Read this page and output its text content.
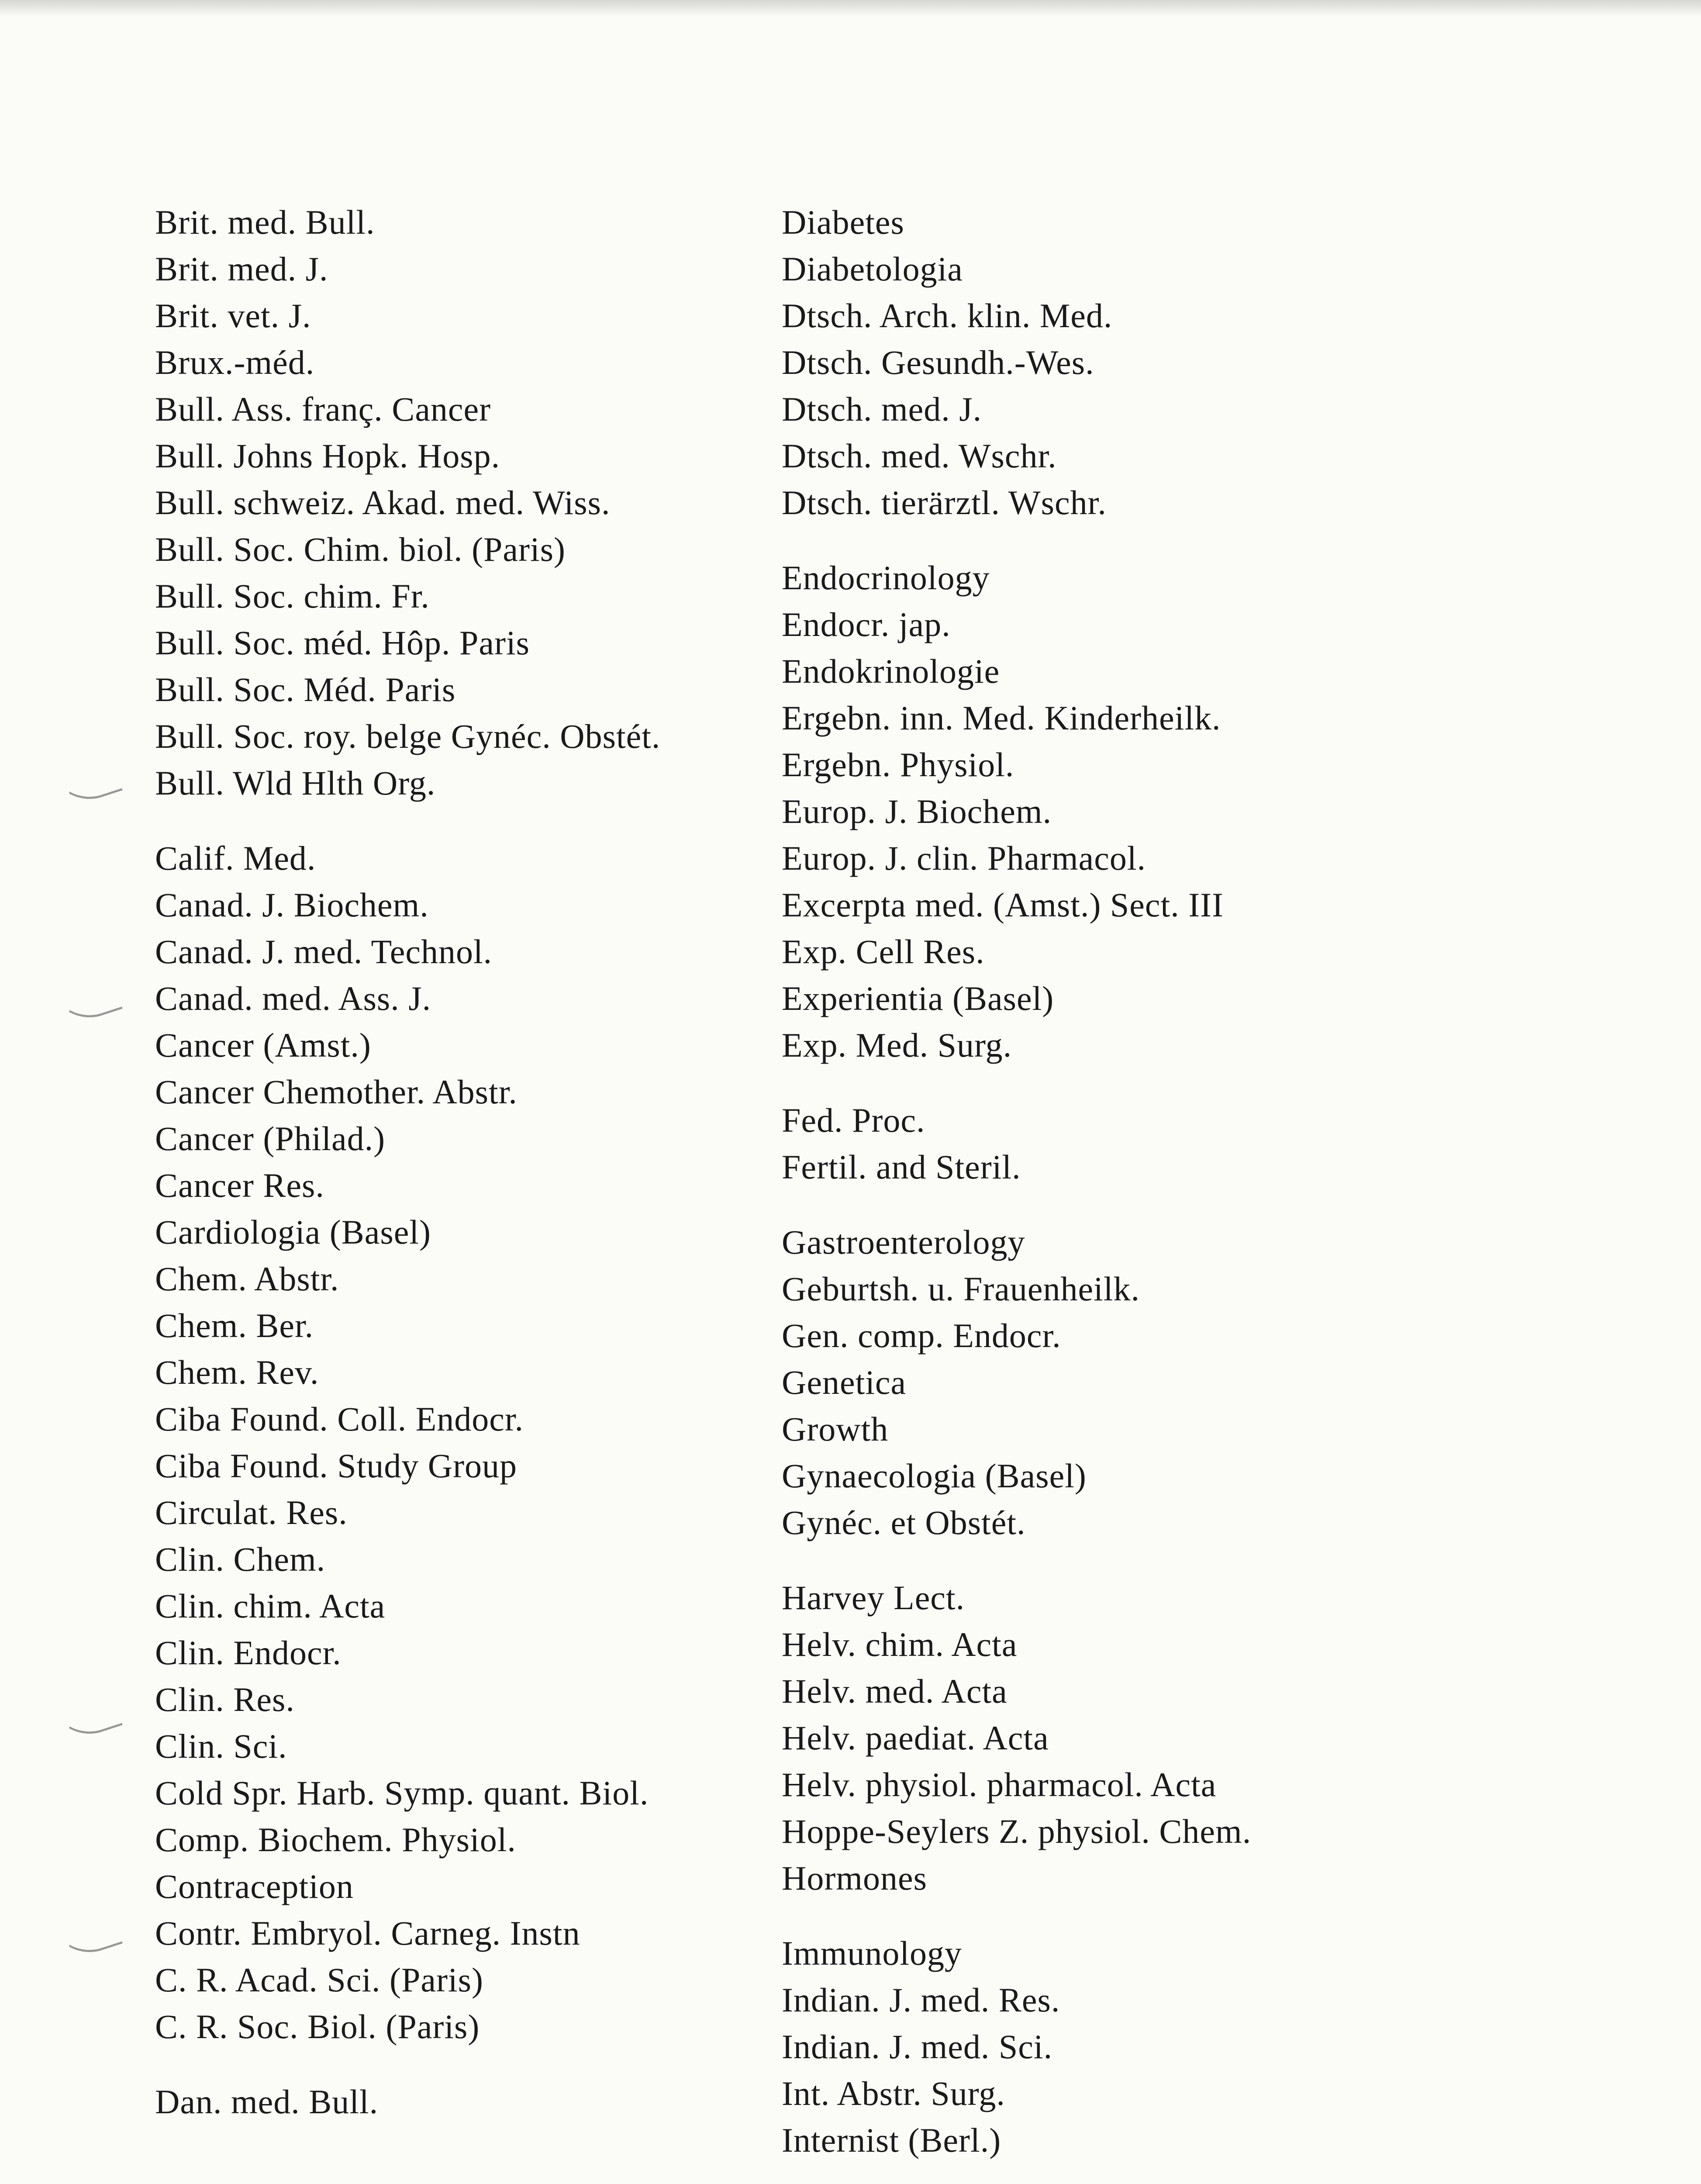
Brit. med. Bull.
Brit. med. J.
Brit. vet. J.
Brux.-méd.
Bull. Ass. franç. Cancer
Bull. Johns Hopk. Hosp.
Bull. schweiz. Akad. med. Wiss.
Bull. Soc. Chim. biol. (Paris)
Bull. Soc. chim. Fr.
Bull. Soc. méd. Hôp. Paris
Bull. Soc. Méd. Paris
Bull. Soc. roy. belge Gynéc. Obstét.
Bull. Wld Hlth Org.
Calif. Med.
Canad. J. Biochem.
Canad. J. med. Technol.
Canad. med. Ass. J.
Cancer (Amst.)
Cancer Chemother. Abstr.
Cancer (Philad.)
Cancer Res.
Cardiologia (Basel)
Chem. Abstr.
Chem. Ber.
Chem. Rev.
Ciba Found. Coll. Endocr.
Ciba Found. Study Group
Circulat. Res.
Clin. Chem.
Clin. chim. Acta
Clin. Endocr.
Clin. Res.
Clin. Sci.
Cold Spr. Harb. Symp. quant. Biol.
Comp. Biochem. Physiol.
Contraception
Contr. Embryol. Carneg. Instn
C. R. Acad. Sci. (Paris)
C. R. Soc. Biol. (Paris)
Dan. med. Bull.
Diabetes
Diabetologia
Dtsch. Arch. klin. Med.
Dtsch. Gesundh.-Wes.
Dtsch. med. J.
Dtsch. med. Wschr.
Dtsch. tierärztl. Wschr.
Endocrinology
Endocr. jap.
Endokrinologie
Ergebn. inn. Med. Kinderheilk.
Ergebn. Physiol.
Europ. J. Biochem.
Europ. J. clin. Pharmacol.
Excerpta med. (Amst.) Sect. III
Exp. Cell Res.
Experientia (Basel)
Exp. Med. Surg.
Fed. Proc.
Fertil. and Steril.
Gastroenterology
Geburtsh. u. Frauenheilk.
Gen. comp. Endocr.
Genetica
Growth
Gynaecologia (Basel)
Gynéc. et Obstét.
Harvey Lect.
Helv. chim. Acta
Helv. med. Acta
Helv. paediat. Acta
Helv. physiol. pharmacol. Acta
Hoppe-Seylers Z. physiol. Chem.
Hormones
Immunology
Indian. J. med. Res.
Indian. J. med. Sci.
Int. Abstr. Surg.
Internist (Berl.)
